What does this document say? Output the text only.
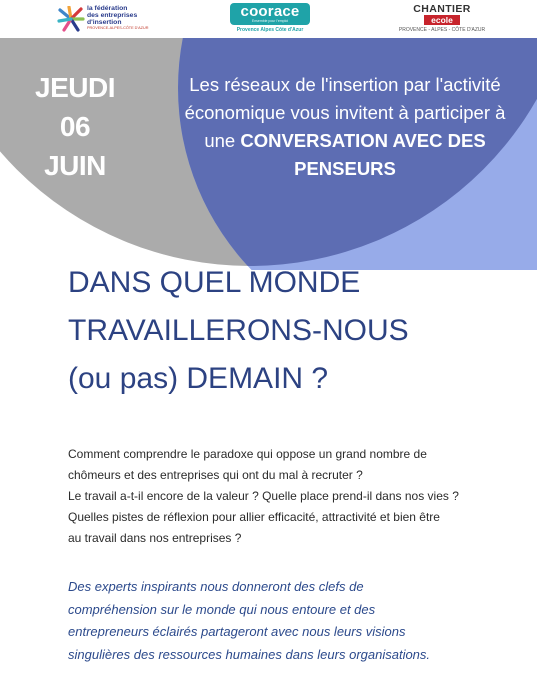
la fédération
des entreprises
d'insertion
PROVENCE-ALPES-CÔTE D'AZUR
coorace
Ensemble pour l'emploi
Provence Alpes Côte d'Azur
CHANTIER
ecole
PROVENCE - ALPES - CÔTE D'AZUR
JEUDI
06
JUIN
Les réseaux de l'insertion par l'activité
économique vous invitent à participer à
une CONVERSATION AVEC DES
PENSEURS
DANS QUEL MONDE
TRAVAILLERONS-NOUS
(ou pas) DEMAIN ?
Comment comprendre le paradoxe qui oppose un grand nombre de
chômeurs et des entreprises qui ont du mal à recruter ?
Le travail a-t-il encore de la valeur ? Quelle place prend-il dans nos vies ?
Quelles pistes de réflexion pour allier efficacité, attractivité et bien être
au travail dans nos entreprises ?
Des experts inspirants nous donneront des clefs de
compréhension sur le monde qui nous entoure et des
entrepreneurs éclairés partageront avec nous leurs visions
singulières des ressources humaines dans leurs organisations.
